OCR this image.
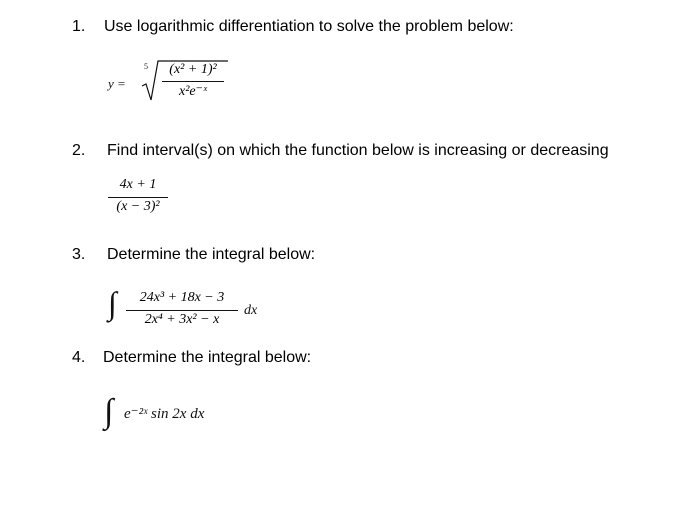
1. Use logarithmic differentiation to solve the problem below:
y =
5	(x² + 1)²
x²e⁻ˣ
2. Find interval(s) on which the function below is increasing or decreasing
4x + 1
(x − 3)²
3. Determine the integral below:
∫	24x³ + 18x − 3
2x⁴ + 3x² − x
dx
4. Determine the integral below:
∫ e⁻²ˣ sin 2x dx
